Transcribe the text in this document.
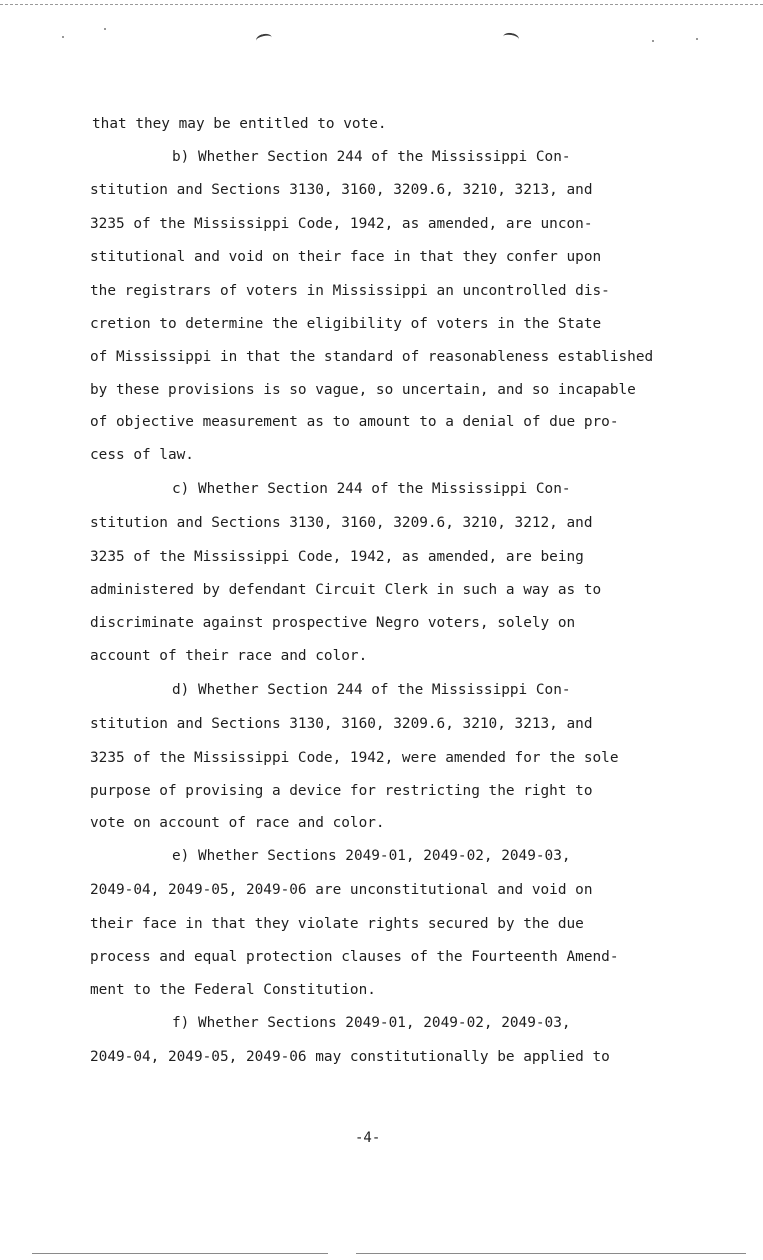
that they may be entitled to vote.
b) Whether Section 244 of the Mississippi Con-
stitution and Sections 3130, 3160, 3209.6, 3210, 3213, and
3235 of the Mississippi Code, 1942, as amended, are uncon-
stitutional and void on their face in that they confer upon
the registrars of voters in Mississippi an uncontrolled dis-
cretion to determine the eligibility of voters in the State
of Mississippi in that the standard of reasonableness established
by these provisions is so vague, so uncertain, and so incapable
of objective measurement as to amount to a denial of due pro-
cess of law.
c) Whether Section 244 of the Mississippi Con-
stitution and Sections 3130, 3160, 3209.6, 3210, 3212, and
3235 of the Mississippi Code, 1942, as amended, are being
administered by defendant Circuit Clerk in such a way as to
discriminate against prospective Negro voters, solely on
account of their race and color.
d) Whether Section 244 of the Mississippi Con-
stitution and Sections 3130, 3160, 3209.6, 3210, 3213, and
3235 of the Mississippi Code, 1942, were amended for the sole
purpose of provising a device for restricting the right to
vote on account of race and color.
e) Whether Sections 2049-01, 2049-02, 2049-03,
2049-04, 2049-05, 2049-06 are unconstitutional and void on
their face in that they violate rights secured by the due
process and equal protection clauses of the Fourteenth Amend-
ment to the Federal Constitution.
f) Whether Sections 2049-01, 2049-02, 2049-03,
2049-04, 2049-05, 2049-06 may constitutionally be applied to
-4-
